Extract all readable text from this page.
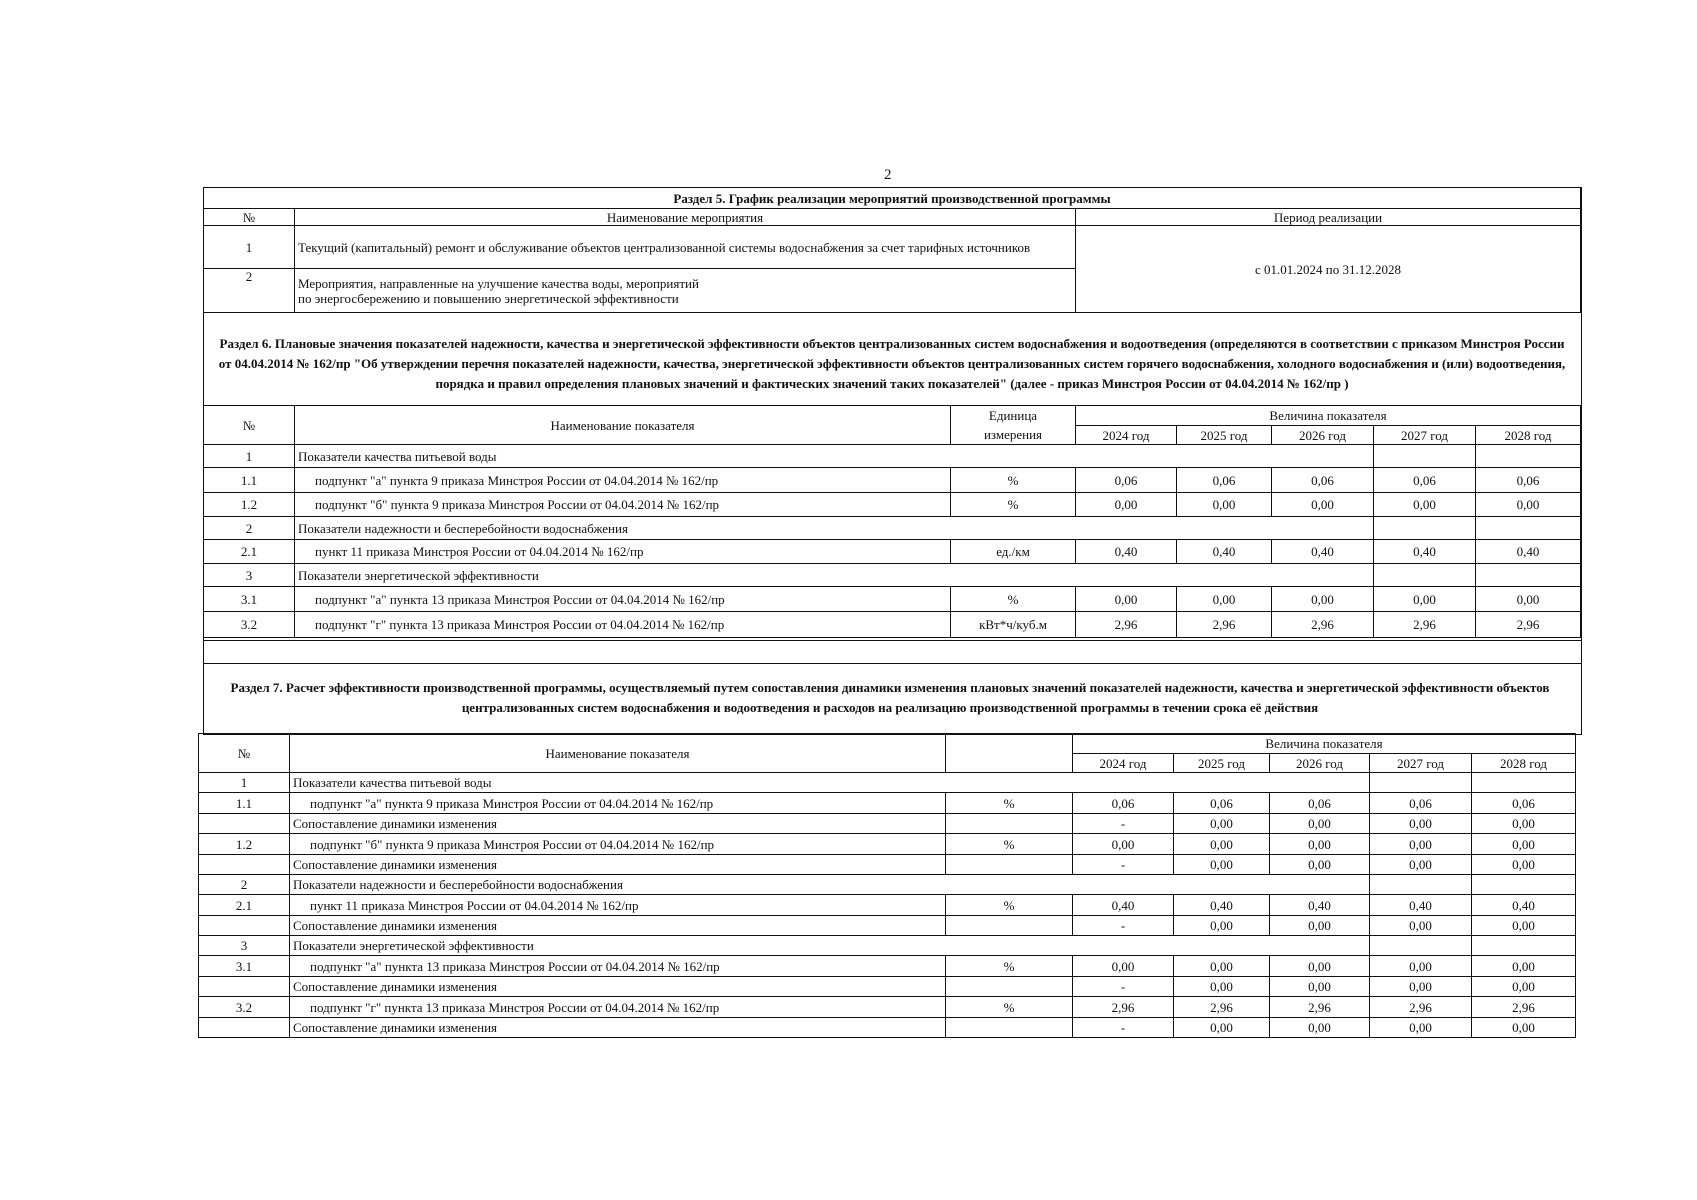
2
Раздел 5. График реализации мероприятий производственной программы		
№	Наименование мероприятия	Период реализации
1	Текущий (капитальный) ремонт и обслуживание объектов централизованной системы водоснабжения за счет тарифных источников	с 01.01.2024 по 31.12.2028
2	Мероприятия, направленные на улучшение качества воды, мероприятий
по энергосбережению и повышению энергетической эффективности	
Раздел 6. Плановые значения показателей надежности, качества и энергетической эффективности объектов централизованных систем водоснабжения и водоотведения (определяются в соответствии с приказом Минстроя России от 04.04.2014 № 162/пр "Об утверждении перечня показателей надежности, качества, энергетической эффективности объектов централизованных систем горячего водоснабжения, холодного водоснабжения и (или) водоотведения, порядка и правил определения плановых значений и фактических значений таких показателей" (далее - приказ Минстроя России от 04.04.2014 № 162/пр )
№	Наименование показателя	Единица	Величина показателя				
		измерения	2024 год	2025 год	2026 год	2027 год	2028 год
1	Показатели качества питьевой воды						
1.1	подпункт "а" пункта 9 приказа Минстроя России от 04.04.2014 № 162/пр	%	0,06	0,06	0,06	0,06	0,06
1.2	подпункт "б" пункта 9 приказа Минстроя России от 04.04.2014 № 162/пр	%	0,00	0,00	0,00	0,00	0,00
2	Показатели надежности и бесперебойности водоснабжения						
2.1	пункт 11 приказа Минстроя России от 04.04.2014 № 162/пр	ед./км	0,40	0,40	0,40	0,40	0,40
3	Показатели энергетической эффективности						
3.1	подпункт "а" пункта 13 приказа Минстроя России от 04.04.2014 № 162/пр	%	0,00	0,00	0,00	0,00	0,00
3.2	подпункт "г" пункта 13 приказа Минстроя России от 04.04.2014 № 162/пр	кВт*ч/куб.м	2,96	2,96	2,96	2,96	2,96
Раздел 7. Расчет эффективности производственной программы, осуществляемый путем сопоставления динамики изменения плановых значений показателей надежности, качества и энергетической эффективности объектов централизованных систем водоснабжения и водоотведения и расходов на реализацию производственной программы в течении срока её действия
№	Наименование показателя		Величина показателя				
			2024 год	2025 год	2026 год	2027 год	2028 год
1	Показатели качества питьевой воды						
1.1	подпункт "а" пункта 9 приказа Минстроя России от 04.04.2014 № 162/пр	%	0,06	0,06	0,06	0,06	0,06
	Сопоставление динамики изменения		-	0,00	0,00	0,00	0,00
1.2	подпункт "б" пункта 9 приказа Минстроя России от 04.04.2014 № 162/пр	%	0,00	0,00	0,00	0,00	0,00
	Сопоставление динамики изменения		-	0,00	0,00	0,00	0,00
2	Показатели надежности и бесперебойности водоснабжения						
2.1	пункт 11 приказа Минстроя России от 04.04.2014 № 162/пр	%	0,40	0,40	0,40	0,40	0,40
	Сопоставление динамики изменения		-	0,00	0,00	0,00	0,00
3	Показатели энергетической эффективности						
3.1	подпункт "а" пункта 13 приказа Минстроя России от 04.04.2014 № 162/пр	%	0,00	0,00	0,00	0,00	0,00
	Сопоставление динамики изменения		-	0,00	0,00	0,00	0,00
3.2	подпункт "г" пункта 13 приказа Минстроя России от 04.04.2014 № 162/пр	%	2,96	2,96	2,96	2,96	2,96
	Сопоставление динамики изменения		-	0,00	0,00	0,00	0,00
